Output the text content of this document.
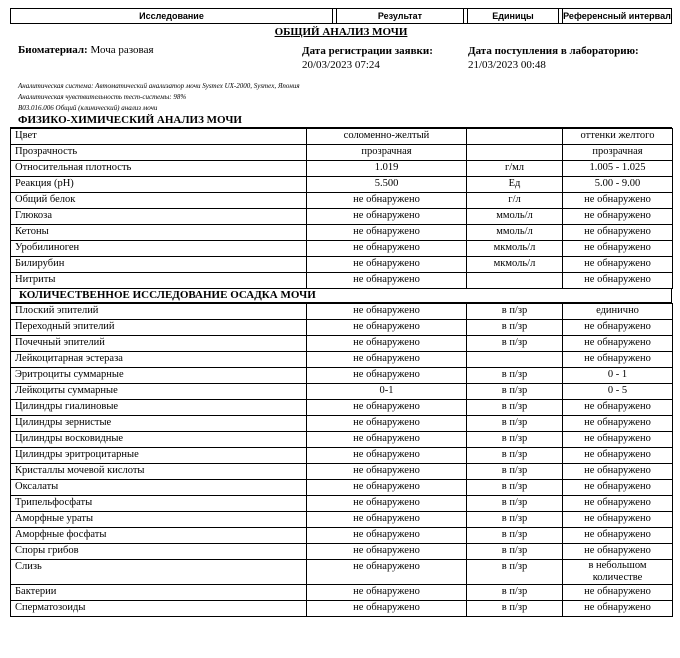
Исследование	Результат	Единицы	Референсный интервал
ОБЩИЙ АНАЛИЗ МОЧИ
Биоматериал: Моча разовая	Дата регистрации заявки:
20/03/2023 07:24
Дата поступления в лабораторию:
21/03/2023 00:48
Аналитическая система: Автоматический анализатор мочи Sysmex UX-2000, Sysmex, Япония
Аналитическая чувствительность тест-системы: 98%
B03.016.006 Общий (клинический) анализ мочи
ФИЗИКО-ХИМИЧЕСКИЙ АНАЛИЗ МОЧИ
Цвет	соломенно-желтый		оттенки желтого
Прозрачность	прозрачная		прозрачная
Относительная плотность	1.019	г/мл	1.005 - 1.025
Реакция (pH)	5.500	Ед	5.00 - 9.00
Общий белок	не обнаружено	г/л	не обнаружено
Глюкоза	не обнаружено	ммоль/л	не обнаружено
Кетоны	не обнаружено	ммоль/л	не обнаружено
Уробилиноген	не обнаружено	мкмоль/л	не обнаружено
Билирубин	не обнаружено	мкмоль/л	не обнаружено
Нитриты	не обнаружено		не обнаружено
КОЛИЧЕСТВЕННОЕ ИССЛЕДОВАНИЕ ОСАДКА МОЧИ
Плоский эпителий	не обнаружено	в п/зр	единично
Переходный эпителий	не обнаружено	в п/зр	не обнаружено
Почечный эпителий	не обнаружено	в п/зр	не обнаружено
Лейкоцитарная эстераза	не обнаружено		не обнаружено
Эритроциты суммарные	не обнаружено	в п/зр	0 - 1
Лейкоциты суммарные	0-1	в п/зр	0 - 5
Цилиндры гиалиновые	не обнаружено	в п/зр	не обнаружено
Цилиндры зернистые	не обнаружено	в п/зр	не обнаружено
Цилиндры восковидные	не обнаружено	в п/зр	не обнаружено
Цилиндры эритроцитарные	не обнаружено	в п/зр	не обнаружено
Кристаллы мочевой кислоты	не обнаружено	в п/зр	не обнаружено
Оксалаты	не обнаружено	в п/зр	не обнаружено
Трипельфосфаты	не обнаружено	в п/зр	не обнаружено
Аморфные ураты	не обнаружено	в п/зр	не обнаружено
Аморфные фосфаты	не обнаружено	в п/зр	не обнаружено
Споры грибов	не обнаружено	в п/зр	не обнаружено
Слизь	не обнаружено	в п/зр	в небольшом количестве
Бактерии	не обнаружено	в п/зр	не обнаружено
Сперматозоиды	не обнаружено	в п/зр	не обнаружено
